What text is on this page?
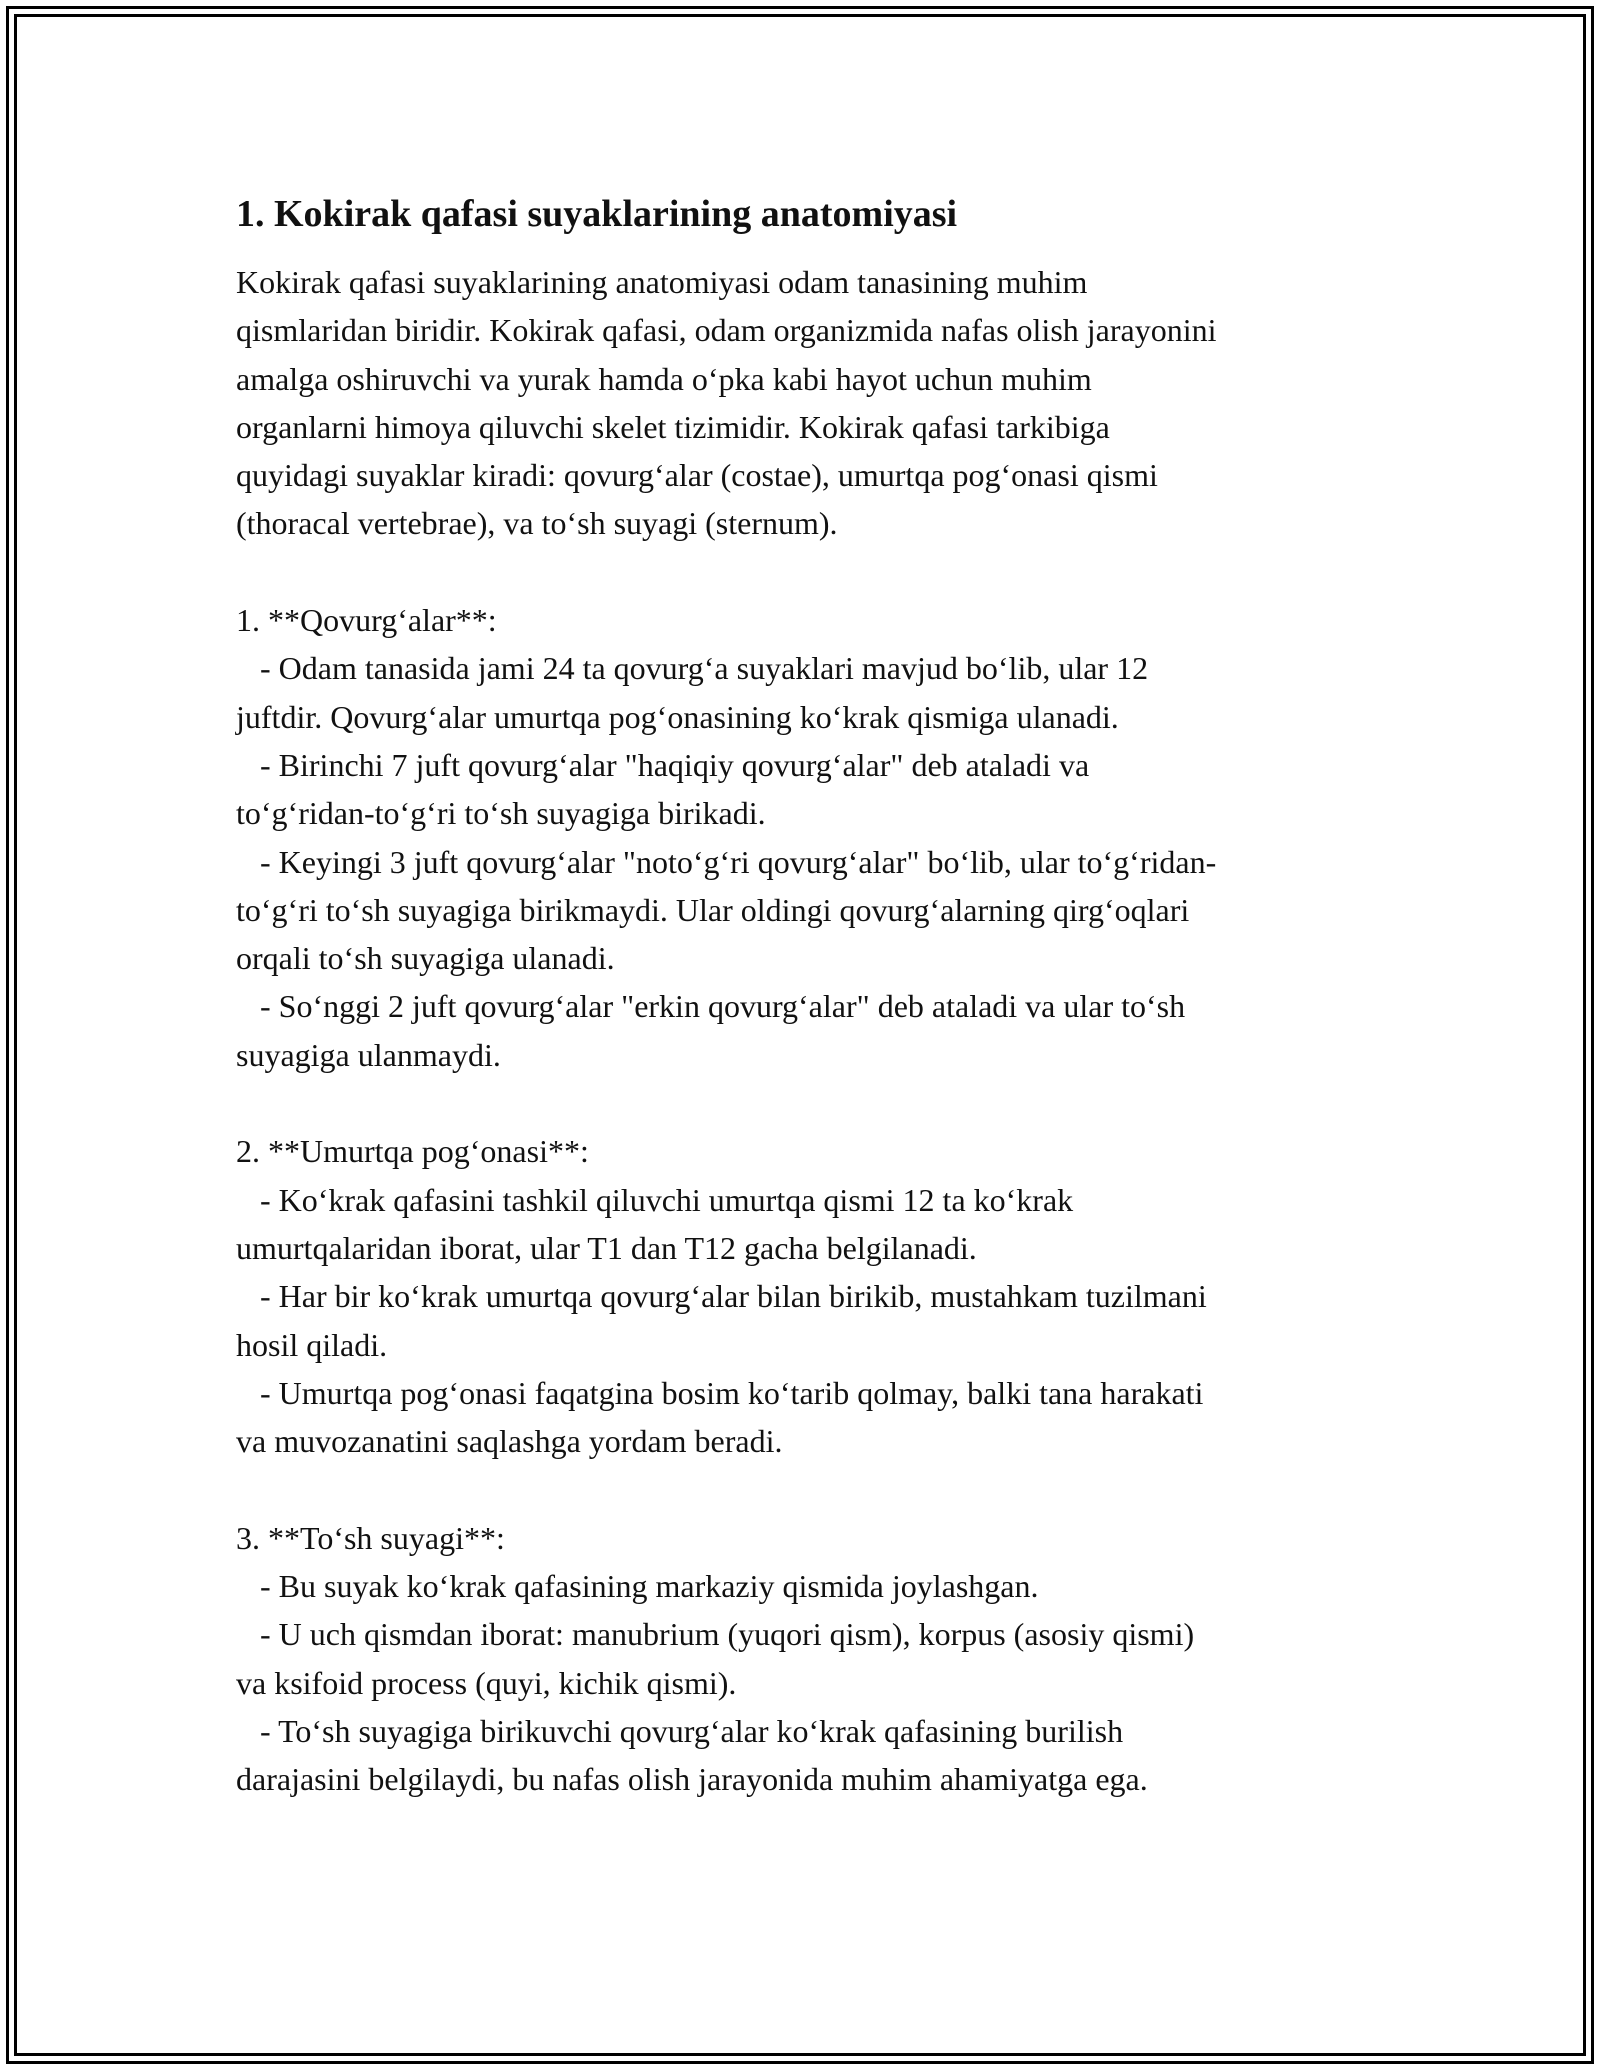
1. Kokirak qafasi suyaklarining anatomiyasi

Kokirak qafasi suyaklarining anatomiyasi odam tanasining muhim

qismlaridan biridir. Kokirak qafasi, odam organizmida nafas olish jarayonini

amalga oshiruvchi va yurak hamda o‘pka kabi hayot uchun muhim

organlarni himoya qiluvchi skelet tizimidir. Kokirak qafasi tarkibiga

quyidagi suyaklar kiradi: qovurg‘alar (costae), umurtqa pog‘onasi qismi

(thoracal vertebrae), va to‘sh suyagi (sternum).

1. **Qovurg‘alar**:

- Odam tanasida jami 24 ta qovurg‘a suyaklari mavjud bo‘lib, ular 12

juftdir. Qovurg‘alar umurtqa pog‘onasining ko‘krak qismiga ulanadi.

- Birinchi 7 juft qovurg‘alar "haqiqiy qovurg‘alar" deb ataladi va

to‘g‘ridan-to‘g‘ri to‘sh suyagiga birikadi.

- Keyingi 3 juft qovurg‘alar "noto‘g‘ri qovurg‘alar" bo‘lib, ular to‘g‘ridan-

to‘g‘ri to‘sh suyagiga birikmaydi. Ular oldingi qovurg‘alarning qirg‘oqlari

orqali to‘sh suyagiga ulanadi.

- So‘nggi 2 juft qovurg‘alar "erkin qovurg‘alar" deb ataladi va ular to‘sh

suyagiga ulanmaydi.

2. **Umurtqa pog‘onasi**:

- Ko‘krak qafasini tashkil qiluvchi umurtqa qismi 12 ta ko‘krak

umurtqalaridan iborat, ular T1 dan T12 gacha belgilanadi.

- Har bir ko‘krak umurtqa qovurg‘alar bilan birikib, mustahkam tuzilmani

hosil qiladi.

- Umurtqa pog‘onasi faqatgina bosim ko‘tarib qolmay, balki tana harakati

va muvozanatini saqlashga yordam beradi.

3. **To‘sh suyagi**:

- Bu suyak ko‘krak qafasining markaziy qismida joylashgan.

- U uch qismdan iborat: manubrium (yuqori qism), korpus (asosiy qismi)

va ksifoid process (quyi, kichik qismi).

- To‘sh suyagiga birikuvchi qovurg‘alar ko‘krak qafasining burilish

darajasini belgilaydi, bu nafas olish jarayonida muhim ahamiyatga ega.
